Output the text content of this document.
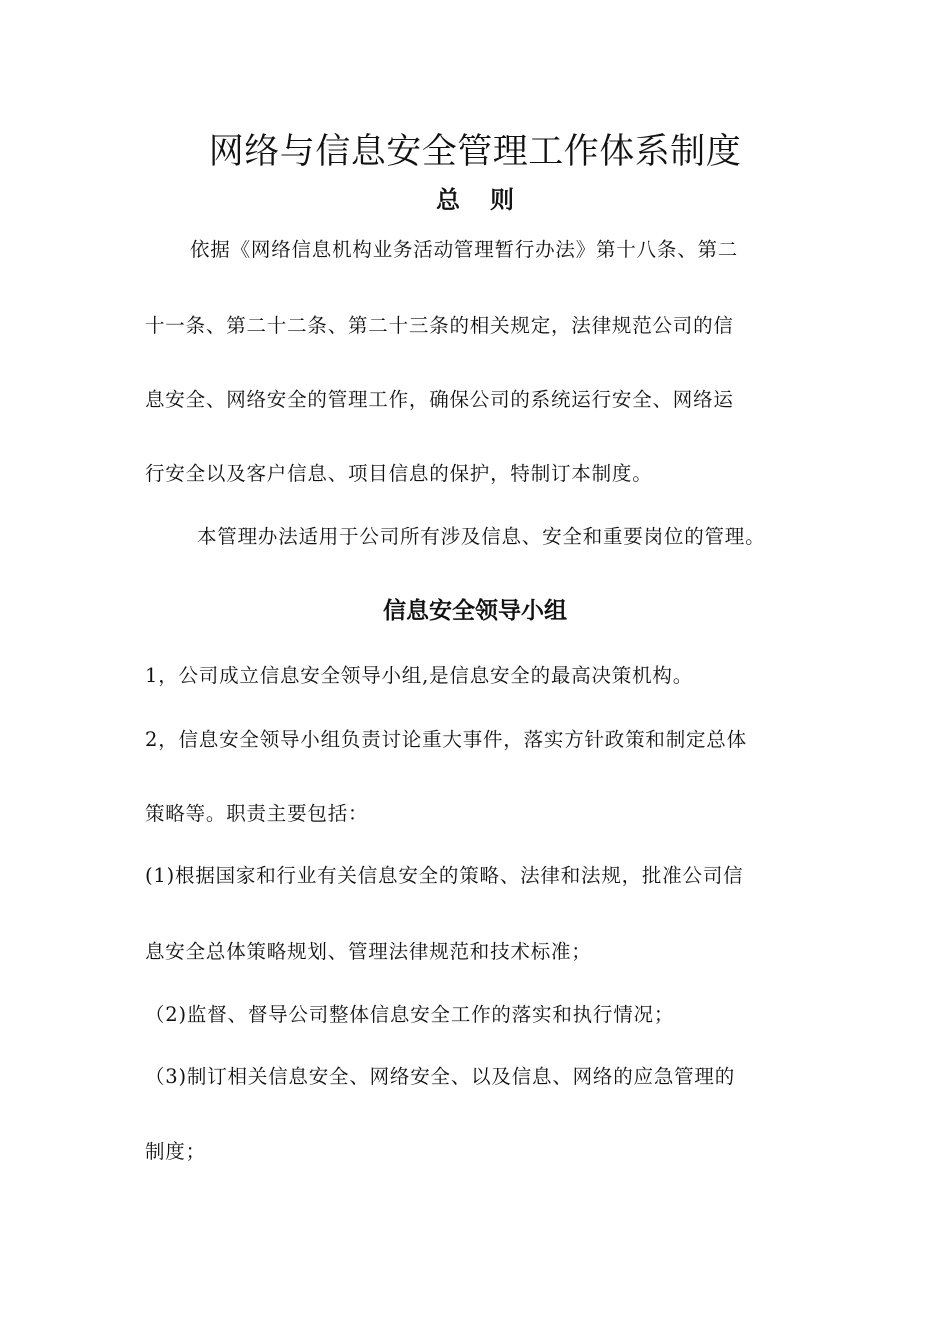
网络与信息安全管理工作体系制度
总则
依据《网络信息机构业务活动管理暂行办法》第十八条、第二
十一条、第二十二条、第二十三条的相关规定，法律规范公司的信
息安全、网络安全的管理工作，确保公司的系统运行安全、网络运
行安全以及客户信息、项目信息的保护，特制订本制度。
本管理办法适用于公司所有涉及信息、安全和重要岗位的管理。
信息安全领导小组
1，公司成立信息安全领导小组,是信息安全的最高决策机构。
2，信息安全领导小组负责讨论重大事件，落实方针政策和制定总体
策略等。职责主要包括：
(1)根据国家和行业有关信息安全的策略、法律和法规，批准公司信
息安全总体策略规划、管理法律规范和技术标准；
（2)监督、督导公司整体信息安全工作的落实和执行情况；
（3)制订相关信息安全、网络安全、以及信息、网络的应急管理的
制度；
